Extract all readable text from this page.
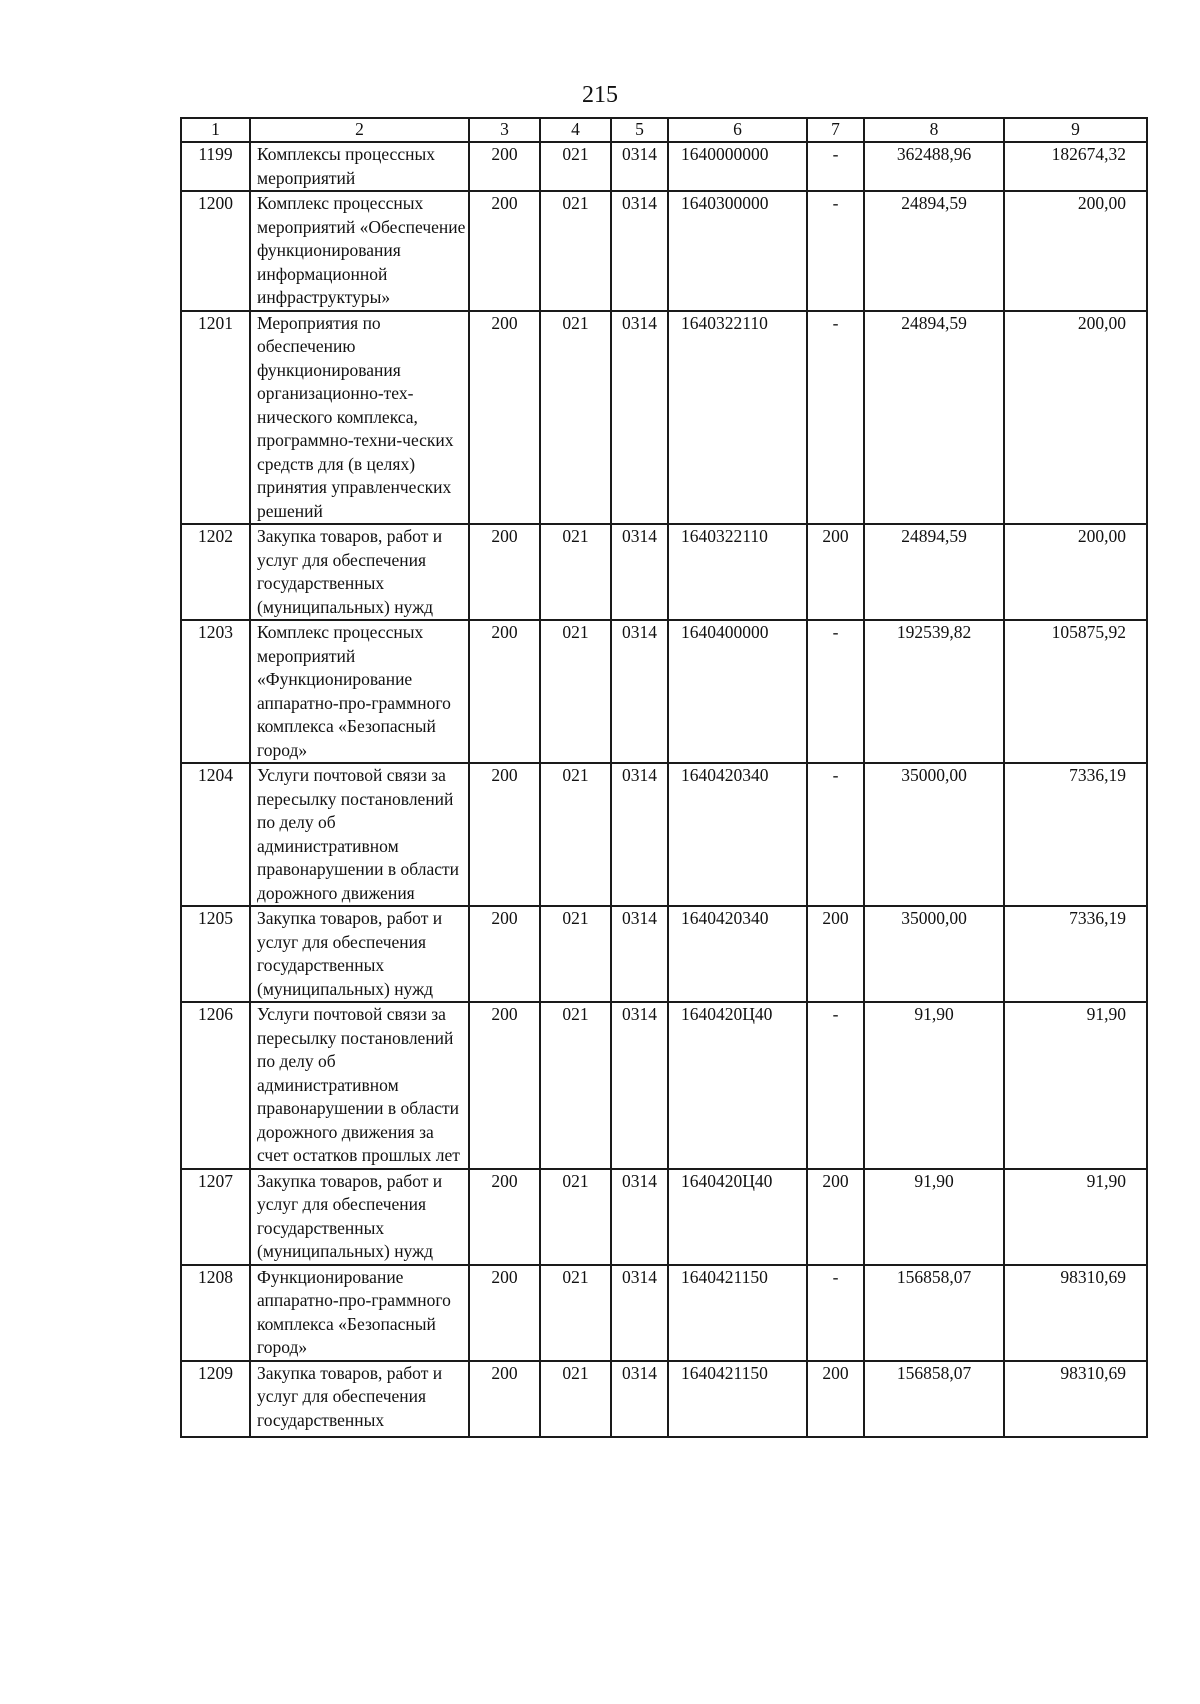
215
1	2	3	4	5	6	7	8	9
1199	Комплексы процессных мероприятий	200	021	0314	1640000000	-	362488,96	182674,32
1200	Комплекс процессных мероприятий «Обеспечение функционирования информационной инфраструктуры»	200	021	0314	1640300000	-	24894,59	200,00
1201	Мероприятия по обеспечению функционирования организационно-тех-нического комплекса, программно-техни-ческих средств для (в целях) принятия управленческих решений	200	021	0314	1640322110	-	24894,59	200,00
1202	Закупка товаров, работ и услуг для обеспечения государственных (муниципальных) нужд	200	021	0314	1640322110	200	24894,59	200,00
1203	Комплекс процессных мероприятий «Функционирование аппаратно-про-граммного комплекса «Безопасный город»	200	021	0314	1640400000	-	192539,82	105875,92
1204	Услуги почтовой связи за пересылку постановлений по делу об административном правонарушении в области дорожного движения	200	021	0314	1640420340	-	35000,00	7336,19
1205	Закупка товаров, работ и услуг для обеспечения государственных (муниципальных) нужд	200	021	0314	1640420340	200	35000,00	7336,19
1206	Услуги почтовой связи за пересылку постановлений по делу об административном правонарушении в области дорожного движения за счет остатков прошлых лет	200	021	0314	1640420Ц40	-	91,90	91,90
1207	Закупка товаров, работ и услуг для обеспечения государственных (муниципальных) нужд	200	021	0314	1640420Ц40	200	91,90	91,90
1208	Функционирование аппаратно-про-граммного комплекса «Безопасный город»	200	021	0314	1640421150	-	156858,07	98310,69
1209	Закупка товаров, работ и услуг для обеспечения государственных	200	021	0314	1640421150	200	156858,07	98310,69
